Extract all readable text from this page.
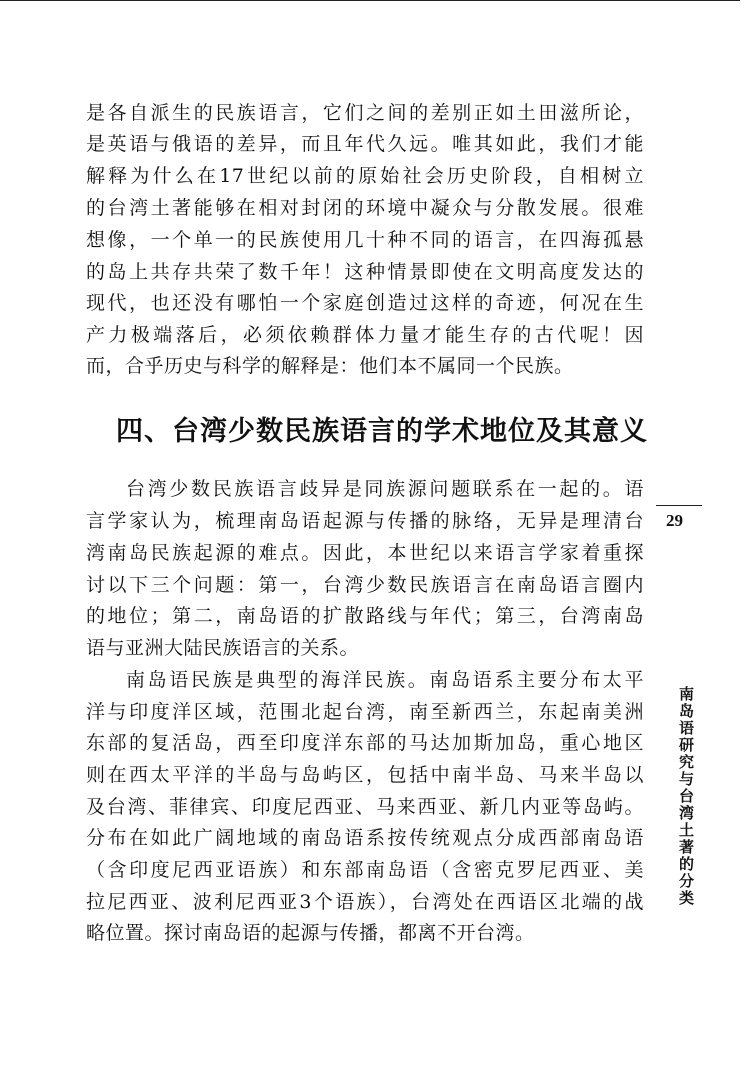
是各自派生的民族语言，它们之间的差别正如土田滋所论，
是英语与俄语的差异，而且年代久远。唯其如此，我们才能
解释为什么在17世纪以前的原始社会历史阶段，自相树立
的台湾土著能够在相对封闭的环境中凝众与分散发展。很难
想像，一个单一的民族使用几十种不同的语言，在四海孤悬
的岛上共存共荣了数千年！这种情景即使在文明高度发达的
现代，也还没有哪怕一个家庭创造过这样的奇迹，何况在生
产力极端落后，必须依赖群体力量才能生存的古代呢！因
而，合乎历史与科学的解释是：他们本不属同一个民族。
四、台湾少数民族语言的学术地位及其意义
台湾少数民族语言歧异是同族源问题联系在一起的。语
言学家认为，梳理南岛语起源与传播的脉络，无异是理清台
湾南岛民族起源的难点。因此，本世纪以来语言学家着重探
讨以下三个问题：第一，台湾少数民族语言在南岛语言圈内
的地位；第二，南岛语的扩散路线与年代；第三，台湾南岛
语与亚洲大陆民族语言的关系。
南岛语民族是典型的海洋民族。南岛语系主要分布太平
洋与印度洋区域，范围北起台湾，南至新西兰，东起南美洲
东部的复活岛，西至印度洋东部的马达加斯加岛，重心地区
则在西太平洋的半岛与岛屿区，包括中南半岛、马来半岛以
及台湾、菲律宾、印度尼西亚、马来西亚、新几内亚等岛屿。
分布在如此广阔地域的南岛语系按传统观点分成西部南岛语
（含印度尼西亚语族）和东部南岛语（含密克罗尼西亚、美
拉尼西亚、波利尼西亚3个语族），台湾处在西语区北端的战
略位置。探讨南岛语的起源与传播，都离不开台湾。
29
南岛语研究与台湾土著的分类
